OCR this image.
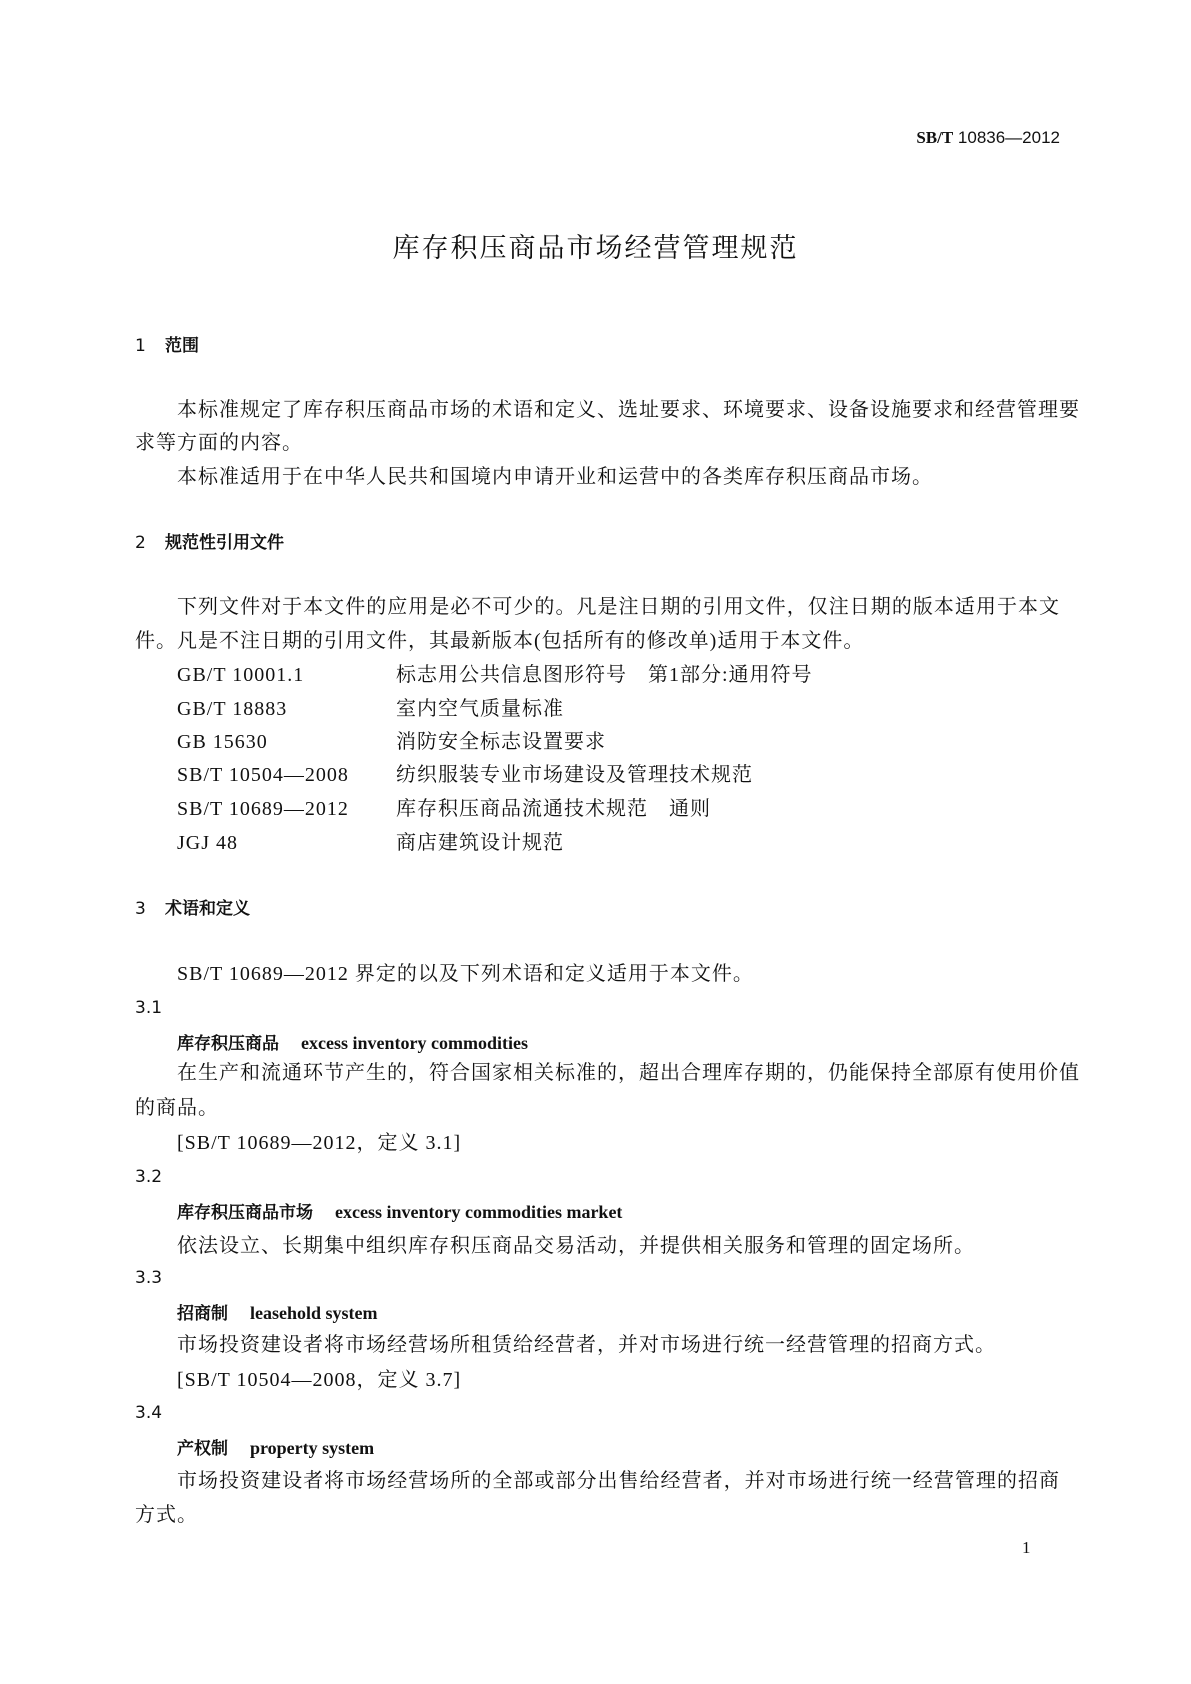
SB/T 10836—2012
库存积压商品市场经营管理规范
1 范围
本标准规定了库存积压商品市场的术语和定义、选址要求、环境要求、设备设施要求和经营管理要
求等方面的内容。
本标准适用于在中华人民共和国境内申请开业和运营中的各类库存积压商品市场。
2 规范性引用文件
下列文件对于本文件的应用是必不可少的。凡是注日期的引用文件，仅注日期的版本适用于本文
件。凡是不注日期的引用文件，其最新版本(包括所有的修改单)适用于本文件。
GB/T 10001.1	标志用公共信息图形符号　第1部分:通用符号
GB/T 18883	室内空气质量标准
GB 15630	消防安全标志设置要求
SB/T 10504—2008 纺织服装专业市场建设及管理技术规范
SB/T 10689—2012 库存积压商品流通技术规范　通则
JGJ 48	商店建筑设计规范
3 术语和定义
SB/T 10689—2012 界定的以及下列术语和定义适用于本文件。
3.1
库存积压商品 excess inventory commodities
在生产和流通环节产生的，符合国家相关标准的，超出合理库存期的，仍能保持全部原有使用价值
的商品。
[SB/T 10689—2012，定义 3.1]
3.2
库存积压商品市场 excess inventory commodities market
依法设立、长期集中组织库存积压商品交易活动，并提供相关服务和管理的固定场所。
3.3
招商制 leasehold system
市场投资建设者将市场经营场所租赁给经营者，并对市场进行统一经营管理的招商方式。
[SB/T 10504—2008，定义 3.7]
3.4
产权制 property system
市场投资建设者将市场经营场所的全部或部分出售给经营者，并对市场进行统一经营管理的招商
方式。
1
